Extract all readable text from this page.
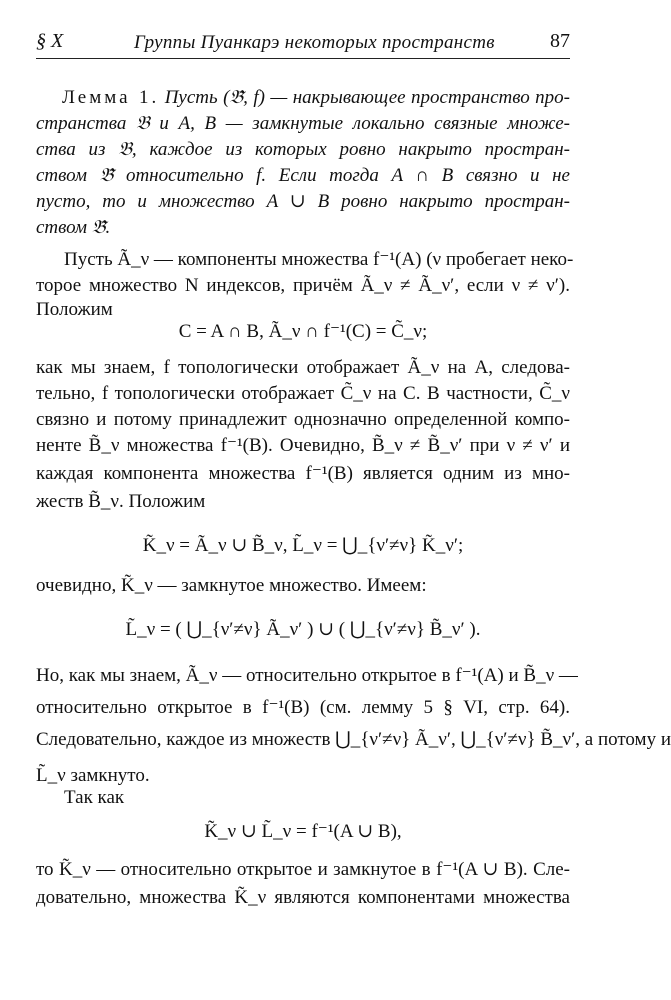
§ X	Группы Пуанкарэ некоторых пространств	87
Лемма 1. Пусть (𝔅̃, f) — накрывающее пространство про-
странства 𝔅 и A, B — замкнутые локально связные множе-
ства из 𝔅, каждое из которых ровно накрыто простран-
ством 𝔅̃ относительно f. Если тогда A ∩ B связно и не
пусто, то и множество A ∪ B ровно накрыто простран-
ством 𝔅̃.
Пусть Ã_ν — компоненты множества f⁻¹(A) (ν пробегает неко-
торое множество N индексов, причём Ã_ν ≠ Ã_ν′, если ν ≠ ν′).
Положим
C = A ∩ B, Ã_ν ∩ f⁻¹(C) = C̃_ν;
как мы знаем, f топологически отображает Ã_ν на A, следова-
тельно, f топологически отображает C̃_ν на C. В частности, C̃_ν
связно и потому принадлежит однозначно определенной компо-
ненте B̃_ν множества f⁻¹(B). Очевидно, B̃_ν ≠ B̃_ν′ при ν ≠ ν′ и
каждая компонента множества f⁻¹(B) является одним из мно-
жеств B̃_ν. Положим
K̃_ν = Ã_ν ∪ B̃_ν, L̃_ν = ⋃_{ν′≠ν} K̃_ν′;
очевидно, K̃_ν — замкнутое множество. Имеем:
L̃_ν = ( ⋃_{ν′≠ν} Ã_ν′ ) ∪ ( ⋃_{ν′≠ν} B̃_ν′ ).
Но, как мы знаем, Ã_ν — относительно открытое в f⁻¹(A) и B̃_ν —
относительно открытое в f⁻¹(B) (см. лемму 5 § VI, стр. 64).
Следовательно, каждое из множеств ⋃_{ν′≠ν} Ã_ν′, ⋃_{ν′≠ν} B̃_ν′, а потому и
L̃_ν замкнуто.
Так как
K̃_ν ∪ L̃_ν = f⁻¹(A ∪ B),
то K̃_ν — относительно открытое и замкнутое в f⁻¹(A ∪ B). Сле-
довательно, множества K̃_ν являются компонентами множества
